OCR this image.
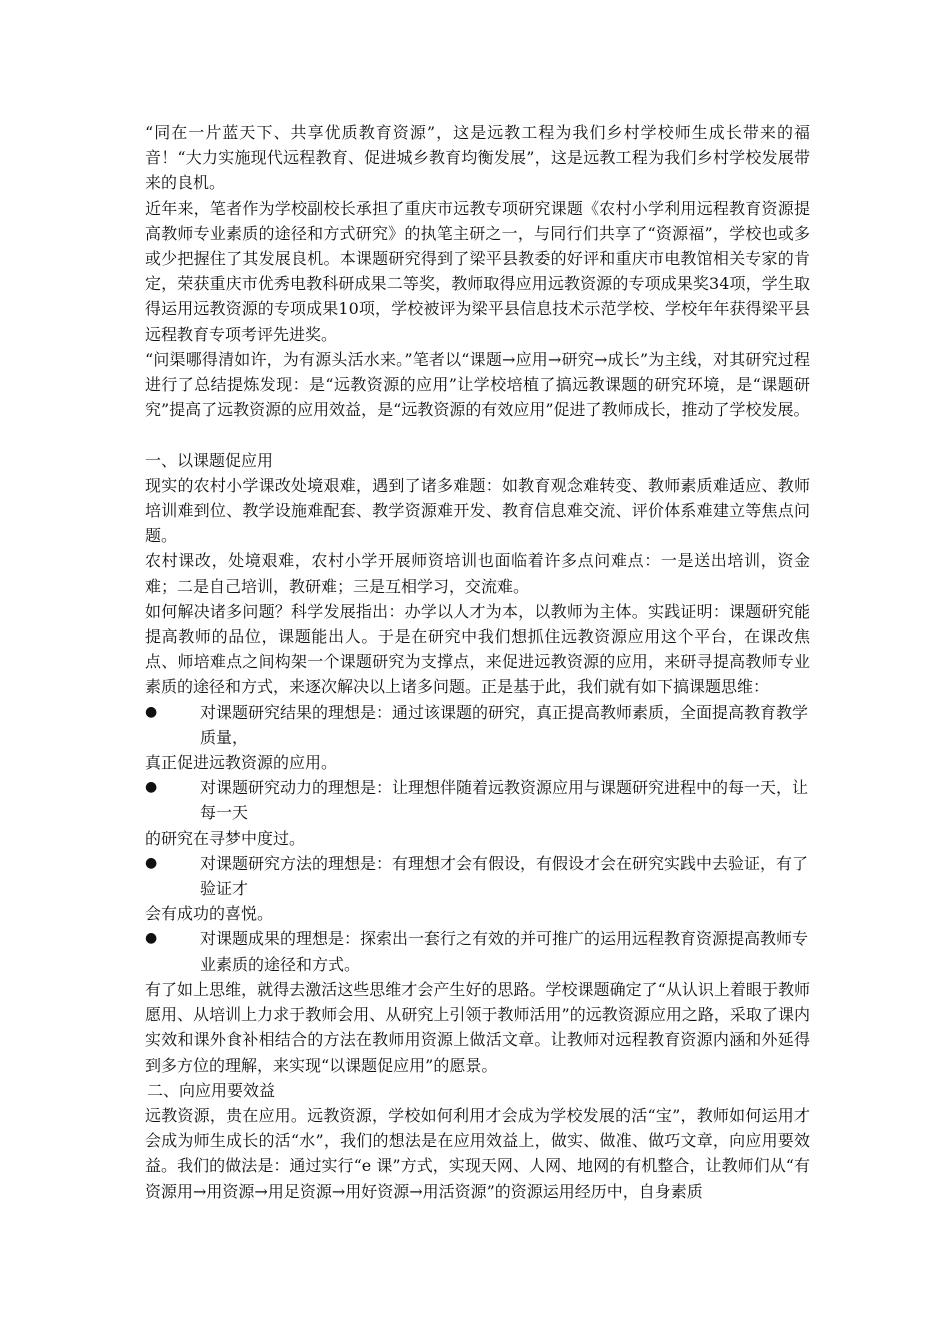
“同在一片蓝天下、共享优质教育资源”，这是远教工程为我们乡村学校师生成长带来的福音！“大力实施现代远程教育、促进城乡教育均衡发展”，这是远教工程为我们乡村学校发展带来的良机。

近年来，笔者作为学校副校长承担了重庆市远教专项研究课题《农村小学利用远程教育资源提高教师专业素质的途径和方式研究》的执笔主研之一，与同行们共享了“资源福”，学校也或多或少把握住了其发展良机。本课题研究得到了梁平县教委的好评和重庆市电教馆相关专家的肯定，荣获重庆市优秀电教科研成果二等奖，教师取得应用远教资源的专项成果奖34项，学生取得运用远教资源的专项成果10项，学校被评为梁平县信息技术示范学校、学校年年获得梁平县远程教育专项考评先进奖。

“问渠哪得清如许，为有源头活水来。”笔者以“课题→应用→研究→成长”为主线，对其研究过程进行了总结提炼发现：是“远教资源的应用”让学校培植了搞远教课题的研究环境，是“课题研究”提高了远教资源的应用效益，是“远教资源的有效应用”促进了教师成长，推动了学校发展。

一、以课题促应用

现实的农村小学课改处境艰难，遇到了诸多难题：如教育观念难转变、教师素质难适应、教师培训难到位、教学设施难配套、教学资源难开发、教育信息难交流、评价体系难建立等焦点问题。

农村课改，处境艰难，农村小学开展师资培训也面临着许多点问难点：一是送出培训，资金难；二是自己培训，教研难；三是互相学习，交流难。

如何解决诸多问题？科学发展指出：办学以人才为本，以教师为主体。实践证明：课题研究能提高教师的品位，课题能出人。于是在研究中我们想抓住远教资源应用这个平台，在课改焦点、师培难点之间构架一个课题研究为支撑点，来促进远教资源的应用，来研寻提高教师专业素质的途径和方式，来逐次解决以上诸多问题。正是基于此，我们就有如下搞课题思维：

●	对课题研究结果的理想是：通过该课题的研究，真正提高教师素质，全面提高教育教学质量，

真正促进远教资源的应用。

●	对课题研究动力的理想是：让理想伴随着远教资源应用与课题研究进程中的每一天，让每一天

的研究在寻梦中度过。

●	对课题研究方法的理想是：有理想才会有假设，有假设才会在研究实践中去验证，有了验证才

会有成功的喜悦。

●	对课题成果的理想是：探索出一套行之有效的并可推广的运用远程教育资源提高教师专业素质的途径和方式。

有了如上思维，就得去激活这些思维才会产生好的思路。学校课题确定了“从认识上着眼于教师愿用、从培训上力求于教师会用、从研究上引领于教师活用”的远教资源应用之路，采取了课内实效和课外食补相结合的方法在教师用资源上做活文章。让教师对远程教育资源内涵和外延得到多方位的理解，来实现“以课题促应用”的愿景。

二、向应用要效益

远教资源，贵在应用。远教资源，学校如何利用才会成为学校发展的活“宝”，教师如何运用才会成为师生成长的活“水”，我们的想法是在应用效益上，做实、做准、做巧文章，向应用要效益。我们的做法是：通过实行“e 课”方式，实现天网、人网、地网的有机整合，让教师们从“有资源用→用资源→用足资源→用好资源→用活资源”的资源运用经历中，自身素质
